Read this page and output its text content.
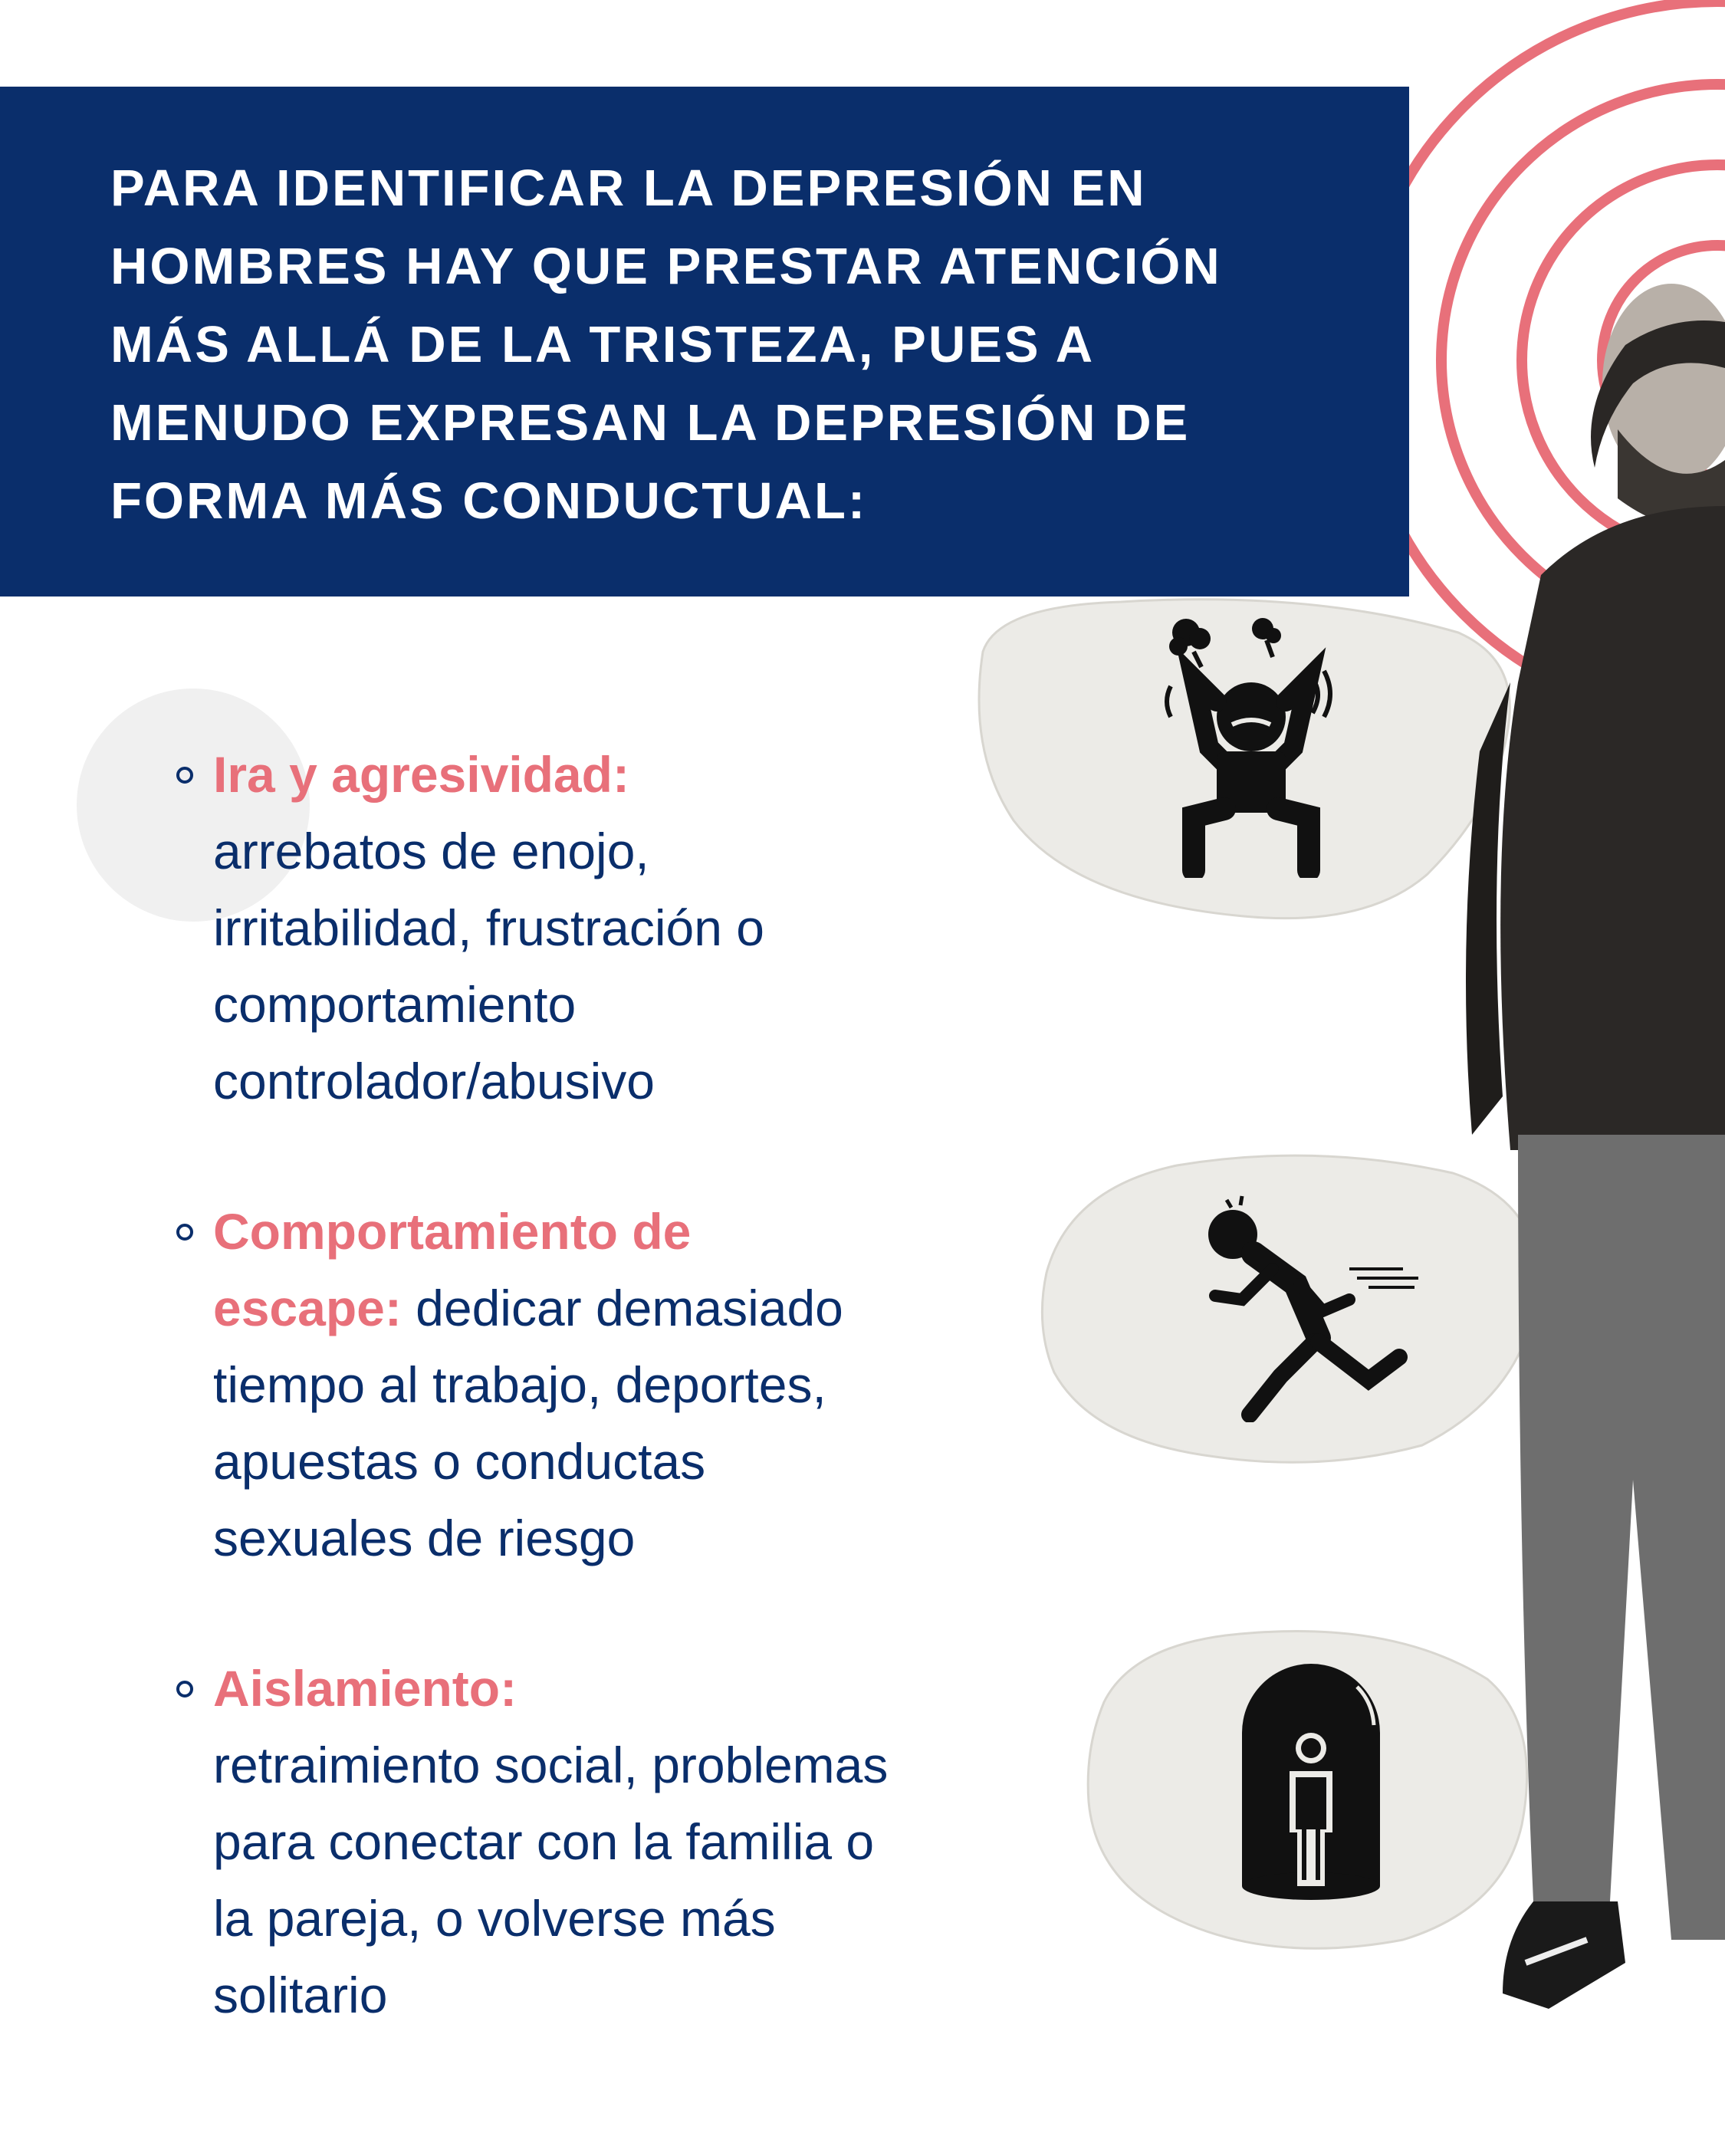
PARA IDENTIFICAR LA DEPRESIÓN EN HOMBRES HAY QUE PRESTAR ATENCIÓN MÁS ALLÁ DE LA TRISTEZA, PUES A MENUDO EXPRESAN LA DEPRESIÓN DE FORMA MÁS CONDUCTUAL:

Ira y agresividad:
arrebatos de enojo, irritabilidad, frustración o comportamiento controlador/abusivo

Comportamiento de escape: dedicar demasiado tiempo al trabajo, deportes, apuestas o conductas sexuales de riesgo

Aislamiento:
retraimiento social, problemas para conectar con la familia o la pareja, o volverse más solitario
